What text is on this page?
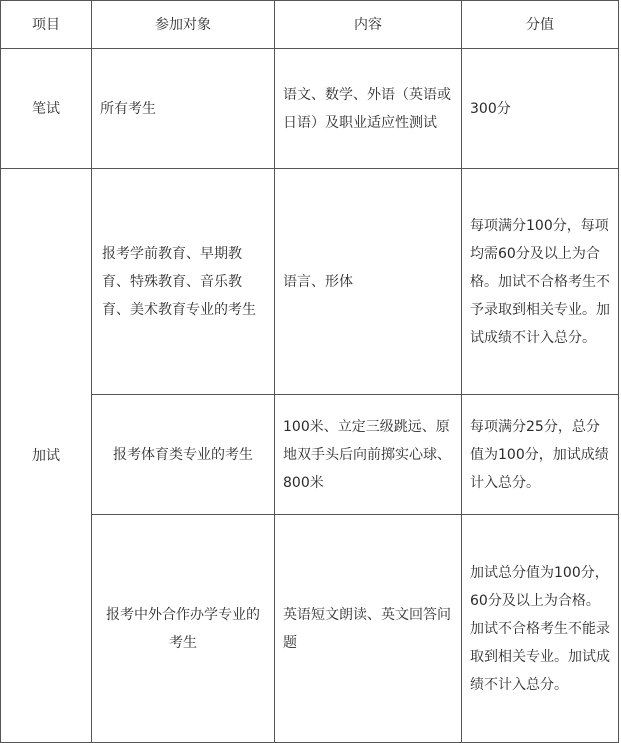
项目	参加对象	内容	分值
笔试	所有考生	语文、数学、外语（英语或日语）及职业适应性测试	300分
加试	报考学前教育、早期教育、特殊教育、音乐教育、美术教育专业的考生	语言、形体	每项满分100分，每项均需60分及以上为合格。加试不合格考生不予录取到相关专业。加试成绩不计入总分。
	报考体育类专业的考生	100米、立定三级跳远、原地双手头后向前掷实心球、800米	每项满分25分，总分值为100分，加试成绩计入总分。
	报考中外合作办学专业的考生	英语短文朗读、英文回答问题	加试总分值为100分，60分及以上为合格。加试不合格考生不能录取到相关专业。加试成绩不计入总分。
